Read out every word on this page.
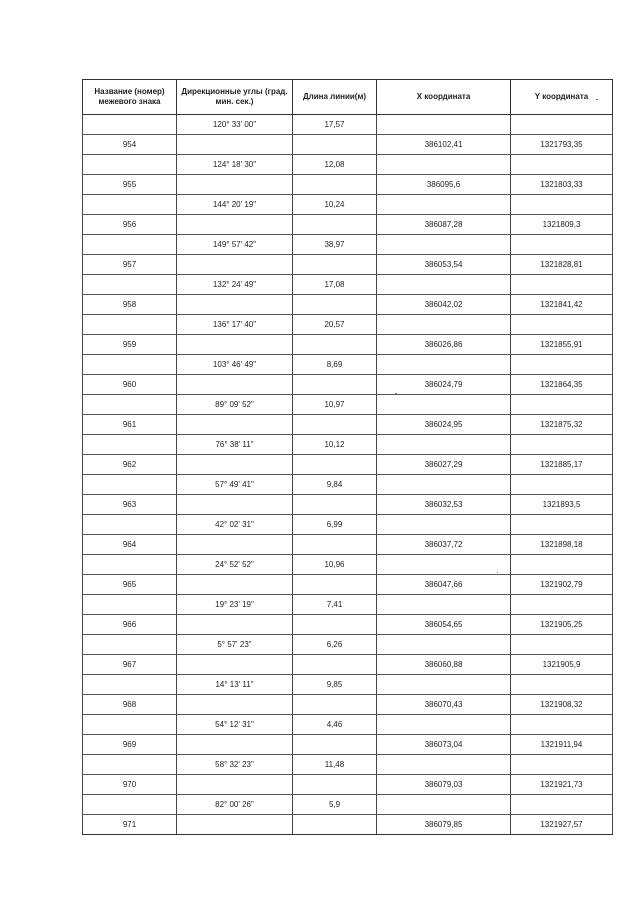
Название (номер) межевого знака	Дирекционные углы (град. мин. сек.)	Длина линии(м)	X координата	Y координата
	120° 33' 00"	17,57		
954			386102,41	1321793,35
	124° 18' 30"	12,08		
955			386095,6	1321803,33
	144° 20' 19"	10,24		
956			386087,28	1321809,3
	149° 57' 42"	38,97		
957			386053,54	1321828,81
	132° 24' 49"	17,08		
958			386042,02	1321841,42
	136° 17' 40"	20,57		
959			386026,86	1321855,91
	103° 46' 49"	8,69		
960			386024,79	1321864,35
	89° 09' 52"	10,97		
961			386024,95	1321875,32
	76° 38' 11"	10,12		
962			386027,29	1321885,17
	57° 49' 41"	9,84		
963			386032,53	1321893,5
	42° 02' 31"	6,99		
964			386037,72	1321898,18
	24° 52' 52"	10,96		
965			386047,66	1321902,79
	19° 23' 19"	7,41		
966			386054,65	1321905,25
	5° 57' 23"	6,26		
967			386060,88	1321905,9
	14° 13' 11"	9,85		
968			386070,43	1321908,32
	54° 12' 31"	4,46		
969			386073,04	1321911,94
	58° 32' 23"	11,48		
970			386079,03	1321921,73
	82° 00' 26"	5,9		
971			386079,85	1321927,57
